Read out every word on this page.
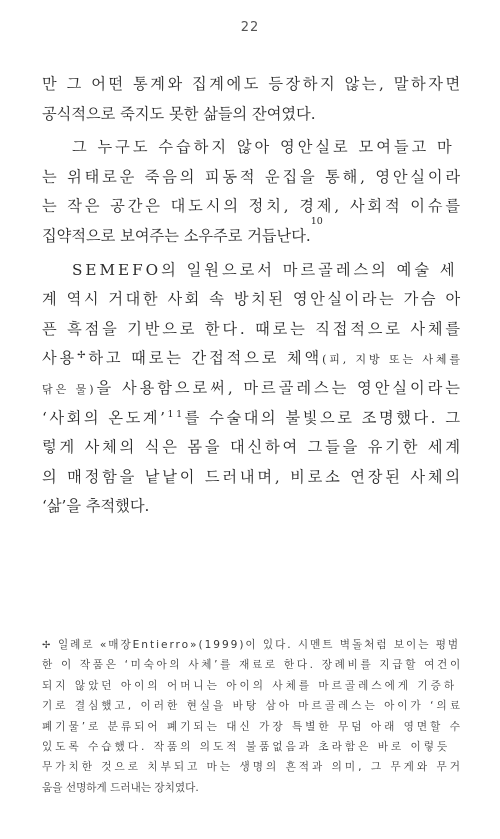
22
만 그 어떤 통계와 집계에도 등장하지 않는, 말하자면
공식적으로 죽지도 못한 삶들의 잔여였다.
그 누구도 수습하지 않아 영안실로 모여들고 마
는 위태로운 죽음의 피동적 운집을 통해, 영안실이라
는 작은 공간은 대도시의 정치, 경제, 사회적 이슈를
집약적으로 보여주는 소우주로 거듭난다.
10
SEMEFO의 일원으로서 마르골레스의 예술 세
계 역시 거대한 사회 속 방치된 영안실이라는 가슴 아
픈 흑점을 기반으로 한다. 때로는 직접적으로 사체를
사용✢하고 때로는 간접적으로 체액(피, 지방 또는 사체를
닦은 물)을 사용함으로써, 마르골레스는 영안실이라는
‘사회의 온도계’$^{11}$를 수술대의 불빛으로 조명했다. 그
렇게 사체의 식은 몸을 대신하여 그들을 유기한 세계
의 매정함을 낱낱이 드러내며, 비로소 연장된 사체의
‘삶’을 추적했다.
✢ 일례로 «매장Entierro»(1999)이 있다. 시멘트 벽돌처럼 보이는 평범
한 이 작품은 ‘미숙아의 사체’를 재료로 한다. 장례비를 지급할 여건이
되지 않았던 아이의 어머니는 아이의 사체를 마르골레스에게 기증하
기로 결심했고, 이러한 현실을 바탕 삼아 마르골레스는 아이가 ‘의료
폐기물’로 분류되어 폐기되는 대신 가장 특별한 무덤 아래 영면할 수
있도록 수습했다. 작품의 의도적 불품없음과 초라함은 바로 이렇듯
무가치한 것으로 치부되고 마는 생명의 흔적과 의미, 그 무게와 무거
움을 선명하게 드러내는 장치였다.
